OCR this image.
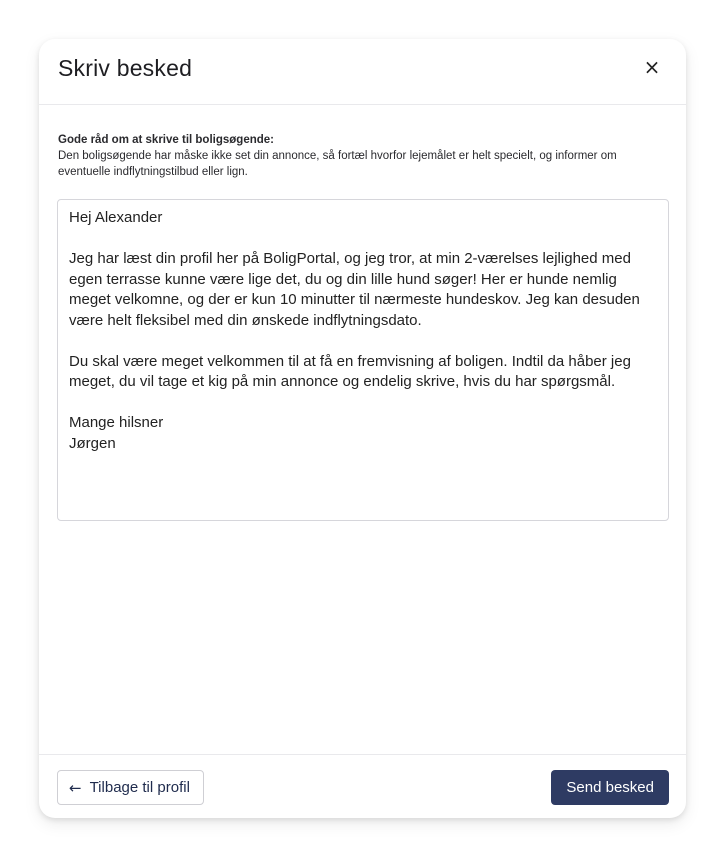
Skriv besked	×
Gode råd om at skrive til boligsøgende:
Den boligsøgende har måske ikke set din annonce, så fortæl hvorfor lejemålet er helt specielt, og informer om eventuelle indflytningstilbud eller lign.
Hej Alexander Jeg har læst din profil her på BoligPortal, og jeg tror, at min 2-værelses lejlighed med egen terrasse kunne være lige det, du og din lille hund søger! Her er hunde nemlig meget velkomne, og der er kun 10 minutter til nærmeste hundeskov. Jeg kan desuden være helt fleksibel med din ønskede indflytningsdato. Du skal være meget velkommen til at få en fremvisning af boligen. Indtil da håber jeg meget, du vil tage et kig på min annonce og endelig skrive, hvis du har spørgsmål. Mange hilsner Jørgen
← Tilbage til profil	Send besked
